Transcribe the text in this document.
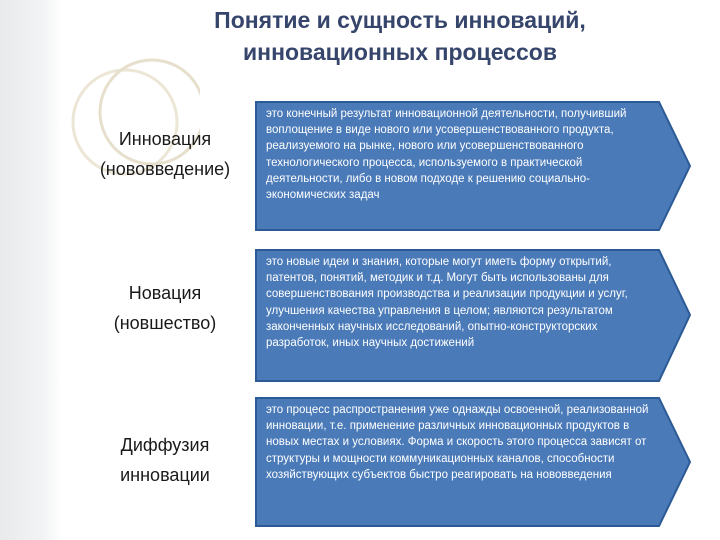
Понятие и сущность инноваций,
инновационных процессов
Инновация
(нововведение)
это конечный результат инновационной деятельности, получивший воплощение в виде нового или усовершенствованного продукта, реализуемого на рынке, нового или усовершенствованного технологического процесса, используемого в практической деятельности, либо в новом подходе к решению социально-экономических задач
Новация
(новшество)
это новые идеи и знания, которые могут иметь форму открытий, патентов, понятий, методик и т.д. Могут быть использованы для совершенствования производства и реализации продукции и услуг, улучшения качества управления в целом; являются результатом законченных научных исследований, опытно-конструкторских разработок, иных научных достижений
Диффузия
инновации
это процесс распространения уже однажды освоенной, реализованной инновации, т.е. применение различных инновационных продуктов в новых местах и условиях. Форма и скорость этого процесса зависят от структуры и мощности коммуникационных каналов, способности хозяйствующих субъектов быстро реагировать на нововведения
